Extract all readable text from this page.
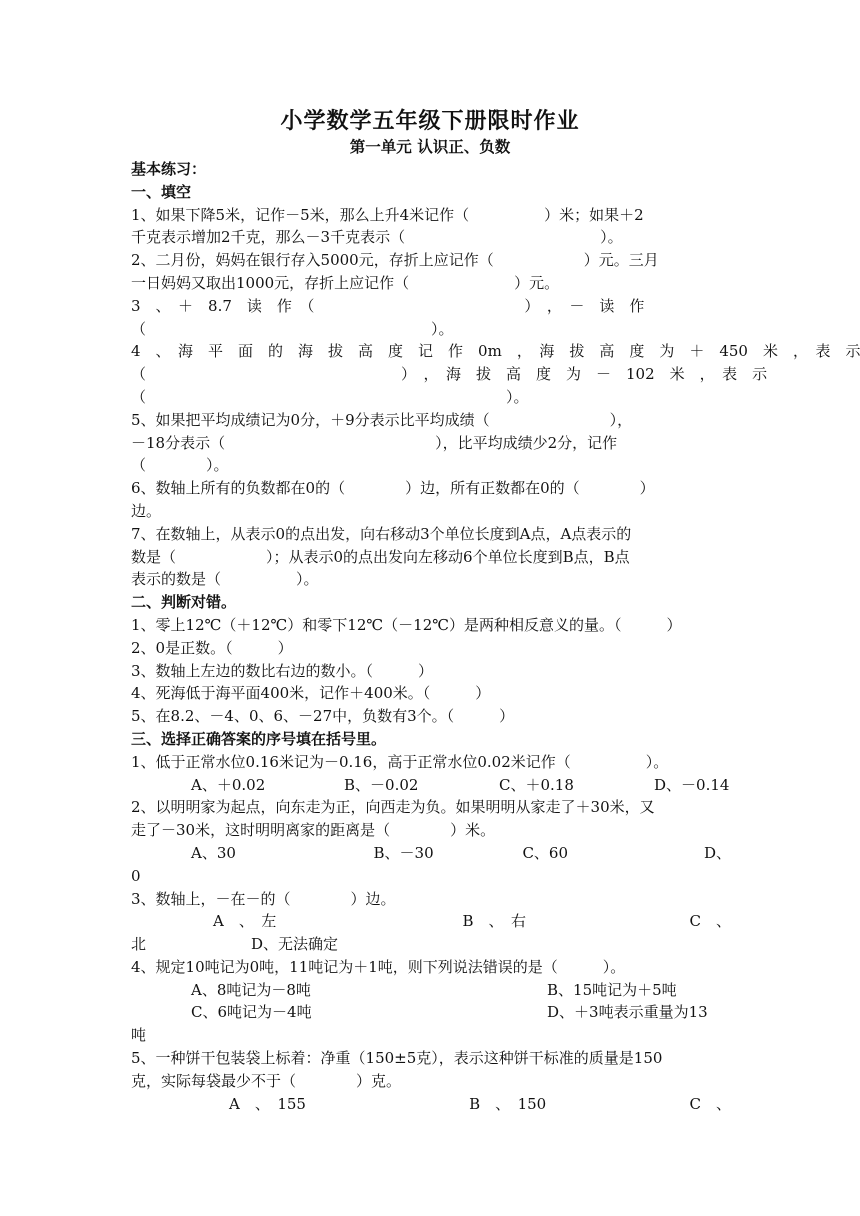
小学数学五年级下册限时作业
第一单元 认识正、负数
基本练习：
一、填空
1、如果下降5米，记作－5米，那么上升4米记作（　　　　　）米；如果＋2
千克表示增加2千克，那么－3千克表示（　　　　　　　　　　　　　）。
2、二月份，妈妈在银行存入5000元，存折上应记作（　　　　　　）元。三月
一日妈妈又取出1000元，存折上应记作（　　　　　　　）元。
3　、　＋　8.7　读　作　（　　　　　　　　　　　　　　）　，　－　读　作
（　　　　　　　　　　　　　　　　　　　）。
4　、　海　平　面　的　海　拔　高　度　记　作　0m　，　海　拔　高　度　为　＋　450　米　，　表　示
（　　　　　　　　　　　　　　　　　）　，　海　拔　高　度　为　－　102　米　，　表　示
（　　　　　　　　　　　　　　　　　　　　　　　　）。
5、如果把平均成绩记为0分，＋9分表示比平均成绩（　　　　　　　　），
－18分表示（　　　　　　　　　　　　　　），比平均成绩少2分，记作
（　　　　）。
6、数轴上所有的负数都在0的（　　　　）边，所有正数都在0的（　　　　）
边。
7、在数轴上，从表示0的点出发，向右移动3个单位长度到A点，A点表示的
数是（　　　　　　）；从表示0的点出发向左移动6个单位长度到B点，B点
表示的数是（　　　　　）。
二、判断对错。
1、零上12℃（＋12℃）和零下12℃（－12℃）是两种相反意义的量。（　　　）
2、0是正数。（　　　）
3、数轴上左边的数比右边的数小。（　　　）
4、死海低于海平面400米，记作＋400米。（　　　）
5、在8.2、－4、0、6、－27中，负数有3个。（　　　）
三、选择正确答案的序号填在括号里。
1、低于正常水位0.16米记为－0.16，高于正常水位0.02米记作（　　　　　）。
A、＋0.02	B、－0.02	C、＋0.18	D、－0.14
2、以明明家为起点，向东走为正，向西走为负。如果明明从家走了＋30米，又
走了－30米，这时明明离家的距离是（　　　　）米。
A、30	B、－30	C、60	D、
0
3、数轴上，－在－的（　　　　）边。
A　、　左	B　、　右	C　、
北	D、无法确定
4、规定10吨记为0吨，11吨记为＋1吨，则下列说法错误的是（　　　）。
A、8吨记为－8吨	B、15吨记为＋5吨
C、6吨记为－4吨	D、＋3吨表示重量为13
吨
5、一种饼干包装袋上标着：净重（150±5克），表示这种饼干标准的质量是150
克，实际每袋最少不于（　　　　）克。
A　、　155	B　、　150	C　、
